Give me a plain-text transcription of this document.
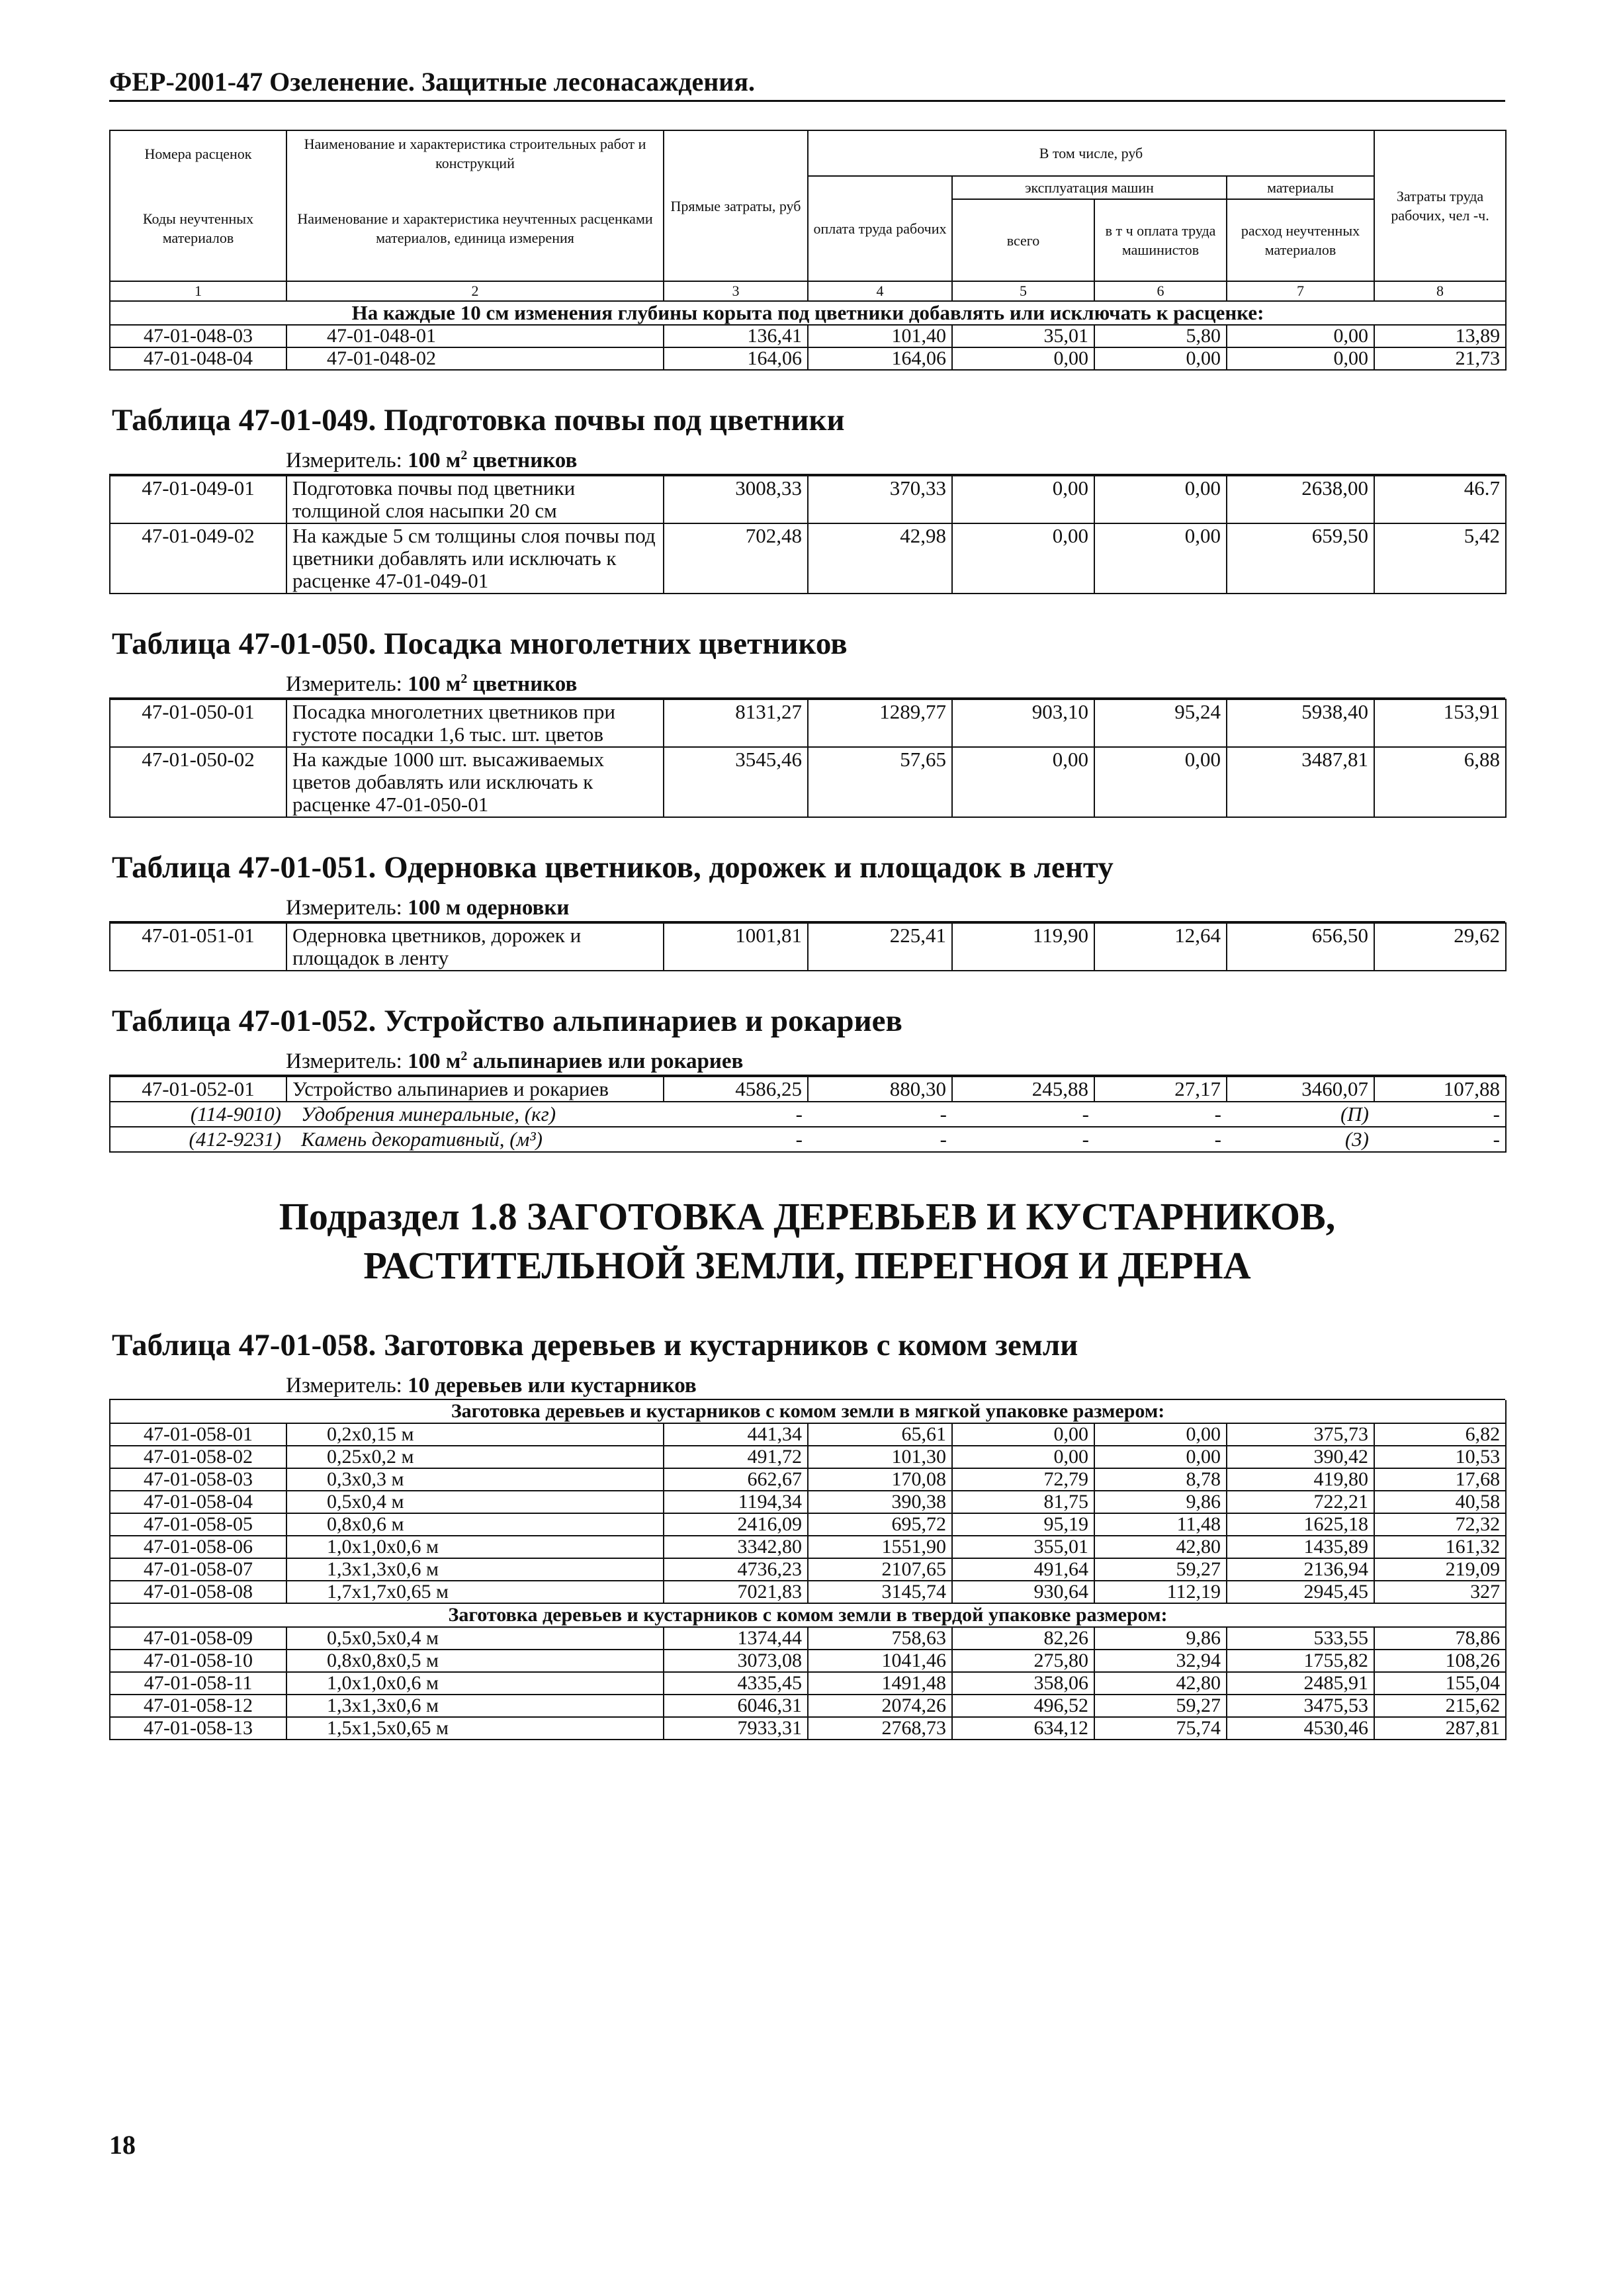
ФЕР-2001-47 Озеленение. Защитные лесонасаждения.
Номера расценок	Наименование и характеристика строительных работ и конструкций	Прямые затраты, руб	В том числе, руб				Затраты труда рабочих, чел -ч.
Коды неучтенных материалов	Наименование и характеристика неучтенных расценками материалов, единица измерения		оплата труда рабочих	эксплуатация машин		материалы	
				всего	в т ч оплата труда машинистов	расход неучтенных материалов	

1	2	3	4	5	6	7	8
На каждые 10 см изменения глубины корыта под цветники добавлять или исключать к расценке:							
47-01-048-03	47-01-048-01	136,41	101,40	35,01	5,80	0,00	13,89
47-01-048-04	47-01-048-02	164,06	164,06	0,00	0,00	0,00	21,73
Таблица 47-01-049. Подготовка почвы под цветники
Измеритель: 100 $м^2$ цветников
47-01-049-01	Подготовка почвы под цветники толщиной слоя насыпки 20 см	3008,33	370,33	0,00	0,00	2638,00	46.7
47-01-049-02	На каждые 5 см толщины слоя почвы под цветники добавлять или исключать к расценке 47-01-049-01	702,48	42,98	0,00	0,00	659,50	5,42
Таблица 47-01-050. Посадка многолетних цветников
Измеритель: 100 $м^2$ цветников
47-01-050-01	Посадка многолетних цветников при густоте посадки 1,6 тыс. шт. цветов	8131,27	1289,77	903,10	95,24	5938,40	153,91
47-01-050-02	На каждые 1000 шт. высаживаемых цветов добавлять или исключать к расценке 47-01-050-01	3545,46	57,65	0,00	0,00	3487,81	6,88
Таблица 47-01-051. Одерновка цветников, дорожек и площадок в ленту
Измеритель: 100 м одерновки
47-01-051-01	Одерновка цветников, дорожек и площадок в ленту	1001,81	225,41	119,90	12,64	656,50	29,62
Таблица 47-01-052. Устройство альпинариев и рокариев
Измеритель: 100 $м^2$ альпинариев или рокариев
47-01-052-01	Устройство альпинариев и рокариев	4586,25	880,30	245,88	27,17	3460,07	107,88
(114-9010)	Удобрения минеральные, (кг)	-	-	-	-	(П)	-
(412-9231)	Камень декоративный, (м³)	-	-	-	-	(3)	-
Подраздел 1.8 ЗАГОТОВКА ДЕРЕВЬЕВ И КУСТАРНИКОВ,
РАСТИТЕЛЬНОЙ ЗЕМЛИ, ПЕРЕГНОЯ И ДЕРНА
Таблица 47-01-058. Заготовка деревьев и кустарников с комом земли
Измеритель: 10 деревьев или кустарников
Заготовка деревьев и кустарников с комом земли в мягкой упаковке размером:							
47-01-058-01	0,2х0,15 м	441,34	65,61	0,00	0,00	375,73	6,82
47-01-058-02	0,25х0,2 м	491,72	101,30	0,00	0,00	390,42	10,53
47-01-058-03	0,3х0,3 м	662,67	170,08	72,79	8,78	419,80	17,68
47-01-058-04	0,5х0,4 м	1194,34	390,38	81,75	9,86	722,21	40,58
47-01-058-05	0,8х0,6 м	2416,09	695,72	95,19	11,48	1625,18	72,32
47-01-058-06	1,0х1,0х0,6 м	3342,80	1551,90	355,01	42,80	1435,89	161,32
47-01-058-07	1,3х1,3х0,6 м	4736,23	2107,65	491,64	59,27	2136,94	219,09
47-01-058-08	1,7х1,7х0,65 м	7021,83	3145,74	930,64	112,19	2945,45	327
Заготовка деревьев и кустарников с комом земли в твердой упаковке размером:							
47-01-058-09	0,5х0,5х0,4 м	1374,44	758,63	82,26	9,86	533,55	78,86
47-01-058-10	0,8х0,8х0,5 м	3073,08	1041,46	275,80	32,94	1755,82	108,26
47-01-058-11	1,0х1,0х0,6 м	4335,45	1491,48	358,06	42,80	2485,91	155,04
47-01-058-12	1,3х1,3х0,6 м	6046,31	2074,26	496,52	59,27	3475,53	215,62
47-01-058-13	1,5х1,5х0,65 м	7933,31	2768,73	634,12	75,74	4530,46	287,81
18
